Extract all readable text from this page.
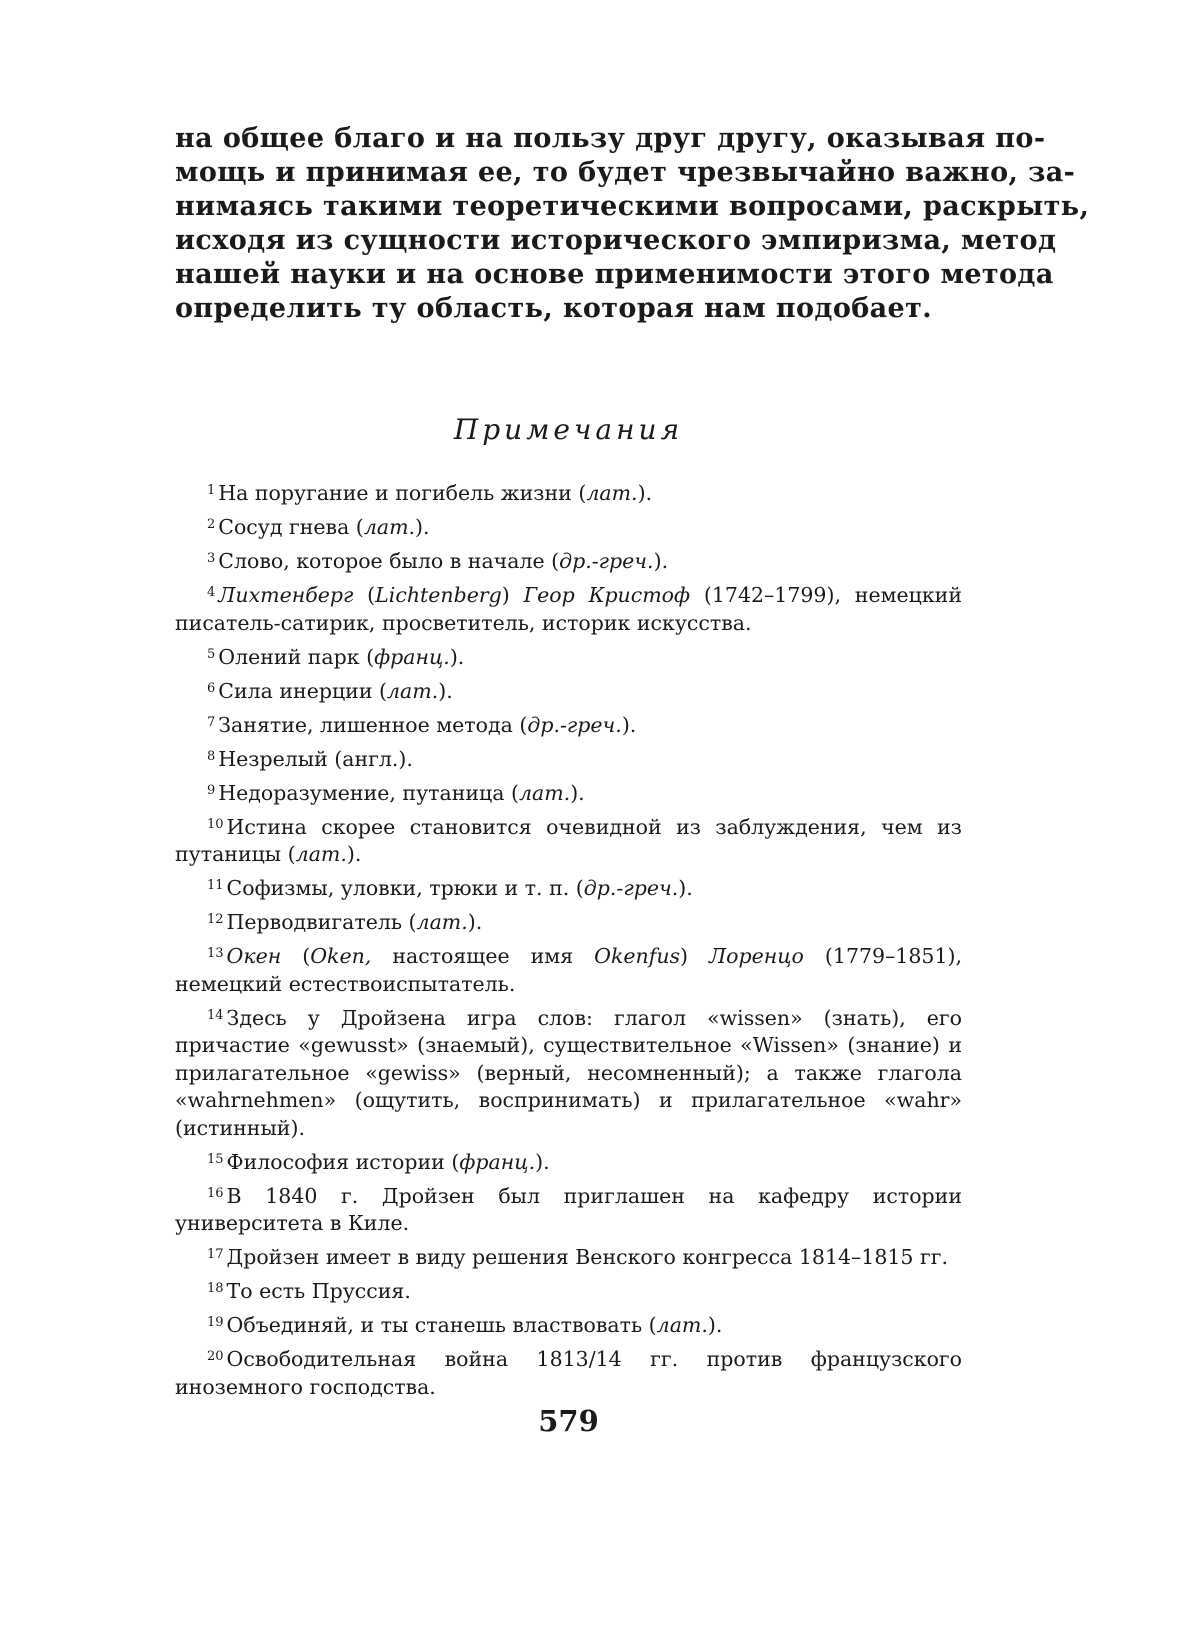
на общее благо и на пользу друг другу, оказывая по-
мощь и принимая ее, то будет чрезвычайно важно, за-
нимаясь такими теоретическими вопросами, раскрыть,
исходя из сущности исторического эмпиризма, метод
нашей науки и на основе применимости этого метода
определить ту область, которая нам подобает.
Примечания

$^1$ На поругание и погибель жизни (лат.).

$^2$ Сосуд гнева (лат.).

$^3$ Слово, которое было в начале (др.-греч.).

$^4$ Лихтенберг (Lichtenberg) Геор Кристоф (1742–1799), немецкий писатель-сатирик, просветитель, историк искусства.

$^5$ Олений парк (франц.).

$^6$ Сила инерции (лат.).

$^7$ Занятие, лишенное метода (др.-греч.).

$^8$ Незрелый (англ.).

$^9$ Недоразумение, путаница (лат.).

$^{10}$ Истина скорее становится очевидной из заблуждения, чем из путаницы (лат.).

$^{11}$ Софизмы, уловки, трюки и т. п. (др.-греч.).

$^{12}$ Перводвигатель (лат.).

$^{13}$ Окен (Oken, настоящее имя Okenfus) Лоренцо (1779–1851), немецкий естествоиспытатель.

$^{14}$ Здесь у Дройзена игра слов: глагол «wissen» (знать), его причастие «gewusst» (знаемый), существительное «Wissen» (знание) и прилагательное «gewiss» (верный, несомненный); а также глагола «wahrnehmen» (ощутить, воспринимать) и прилагательное «wahr» (истинный).

$^{15}$ Философия истории (франц.).

$^{16}$ В 1840 г. Дройзен был приглашен на кафедру истории университета в Киле.

$^{17}$ Дройзен имеет в виду решения Венского конгресса 1814–1815 гг.

$^{18}$ То есть Пруссия.

$^{19}$ Объединяй, и ты станешь властвовать (лат.).

$^{20}$ Освободительная война 1813/14 гг. против французского иноземного господства.

579
